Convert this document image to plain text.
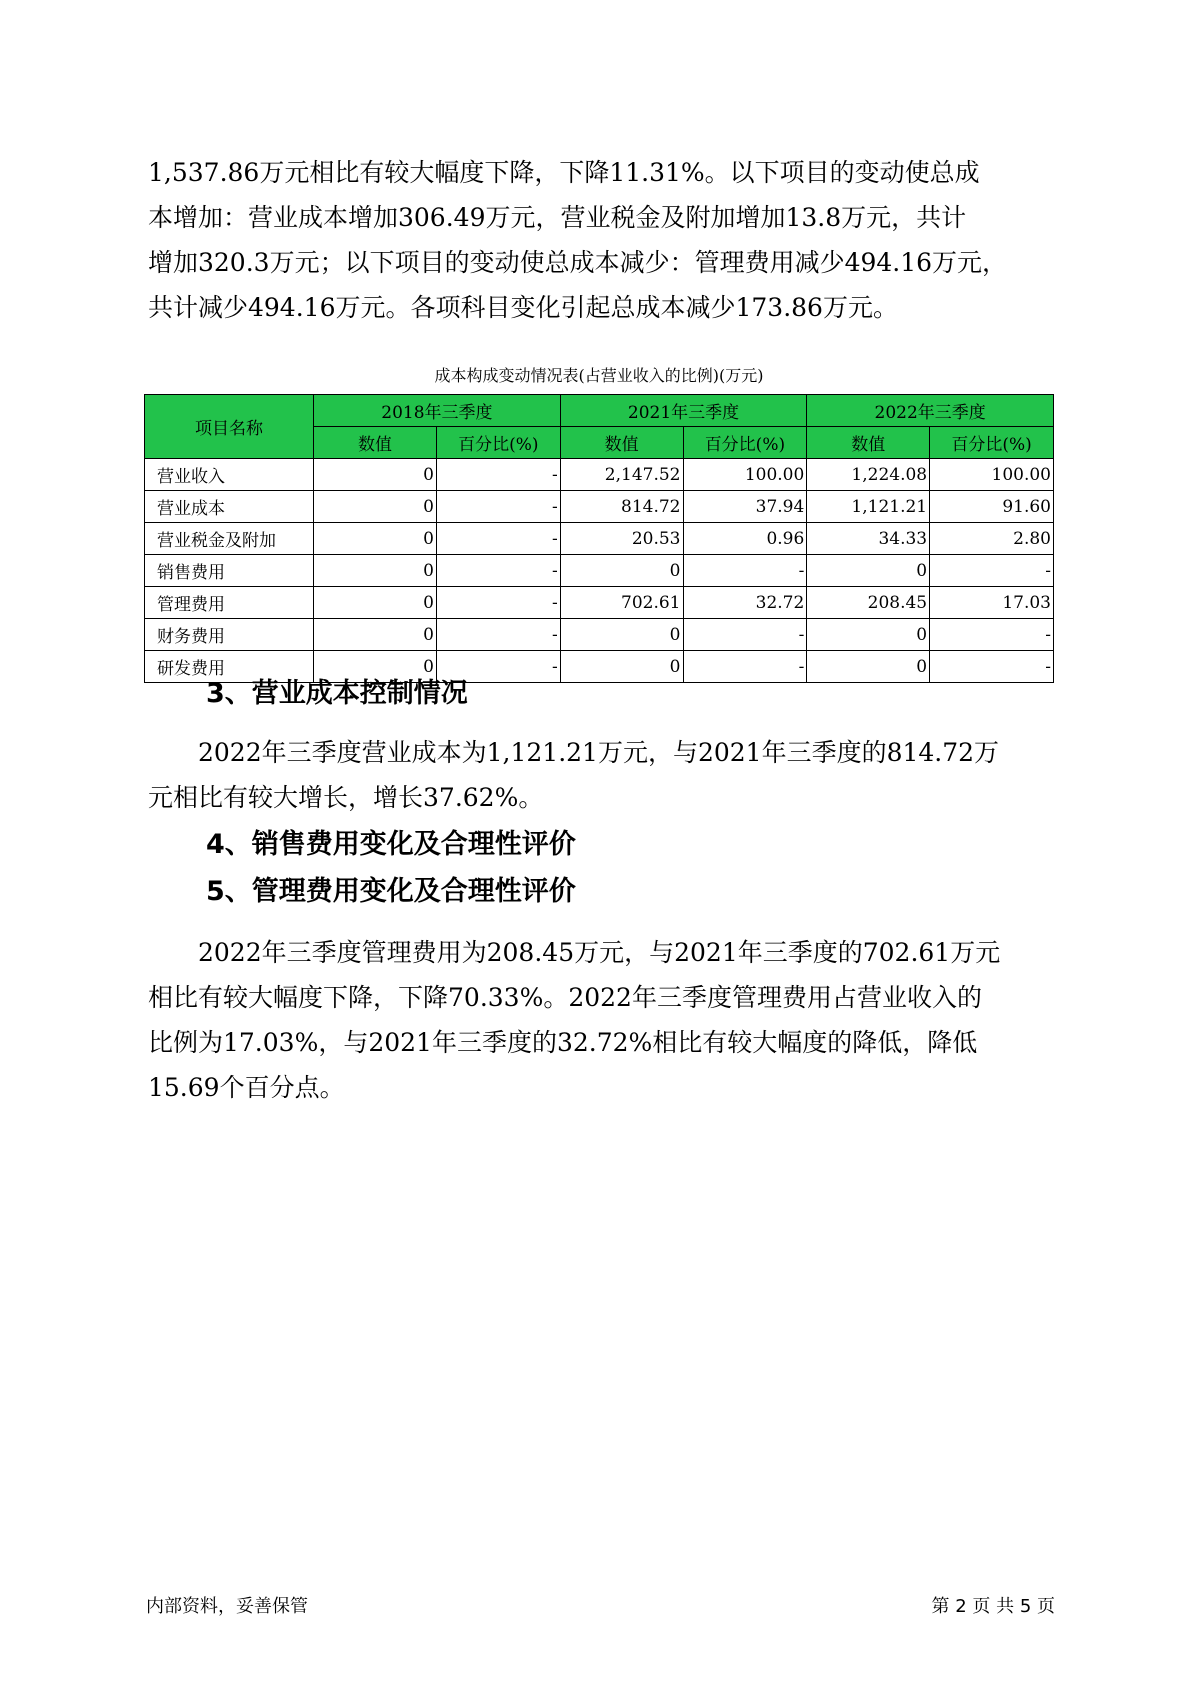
1,537.86万元相比有较大幅度下降，下降11.31%。以下项目的变动使总成
本增加：营业成本增加306.49万元，营业税金及附加增加13.8万元，共计
增加320.3万元；以下项目的变动使总成本减少：管理费用减少494.16万元，
共计减少494.16万元。各项科目变化引起总成本减少173.86万元。
成本构成变动情况表(占营业收入的比例)(万元)
项目名称	2018年三季度		2021年三季度		2022年三季度	
	数值	百分比(%)	数值	百分比(%)	数值	百分比(%)
营业收入	0	-	2,147.52	100.00	1,224.08	100.00
营业成本	0	-	814.72	37.94	1,121.21	91.60
营业税金及附加	0	-	20.53	0.96	34.33	2.80
销售费用	0	-	0	-	0	-
管理费用	0	-	702.61	32.72	208.45	17.03
财务费用	0	-	0	-	0	-
研发费用	0	-	0	-	0	-
3、营业成本控制情况
2022年三季度营业成本为1,121.21万元，与2021年三季度的814.72万
元相比有较大增长，增长37.62%。
4、销售费用变化及合理性评价
5、管理费用变化及合理性评价
2022年三季度管理费用为208.45万元，与2021年三季度的702.61万元
相比有较大幅度下降，下降70.33%。2022年三季度管理费用占营业收入的
比例为17.03%，与2021年三季度的32.72%相比有较大幅度的降低，降低
15.69个百分点。
内部资料，妥善保管	第 2 页 共 5 页
